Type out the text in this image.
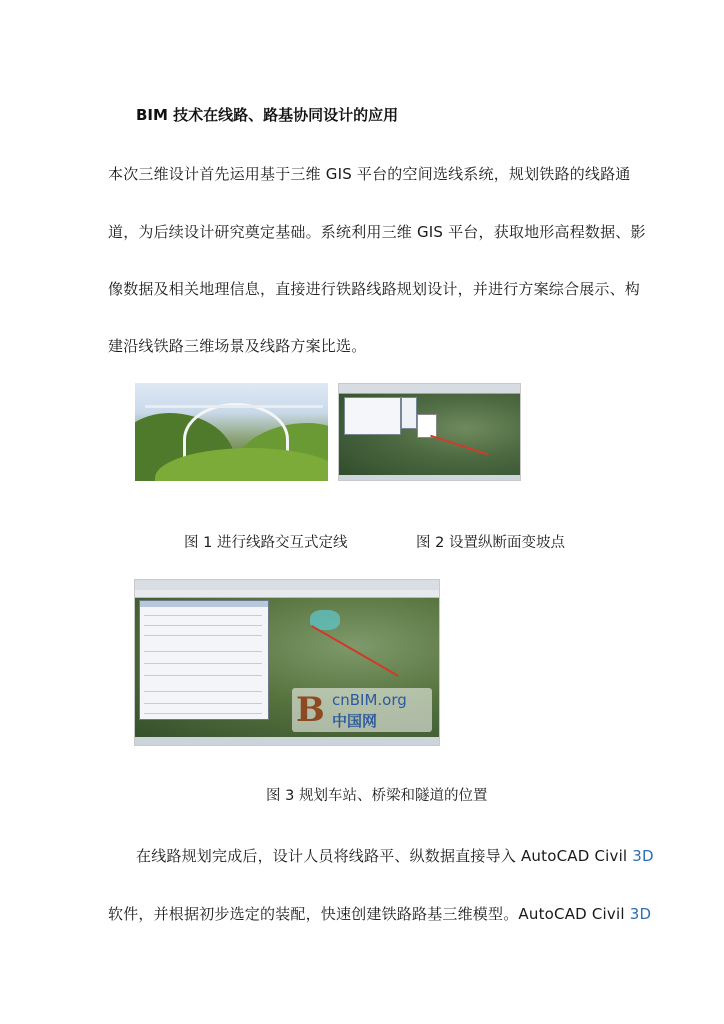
BIM 技术在线路、路基协同设计的应用
本次三维设计首先运用基于三维 GIS 平台的空间选线系统，规划铁路的线路通
道，为后续设计研究奠定基础。系统利用三维 GIS 平台，获取地形高程数据、影
像数据及相关地理信息，直接进行铁路线路规划设计，并进行方案综合展示、构
建沿线铁路三维场景及线路方案比选。
图 1 进行线路交互式定线	图 2 设置纵断面变坡点
B cnBIM.org
中国网
图 3 规划车站、桥梁和隧道的位置
在线路规划完成后，设计人员将线路平、纵数据直接导入 AutoCAD Civil 3D
软件，并根据初步选定的装配，快速创建铁路路基三维模型。AutoCAD Civil 3D
